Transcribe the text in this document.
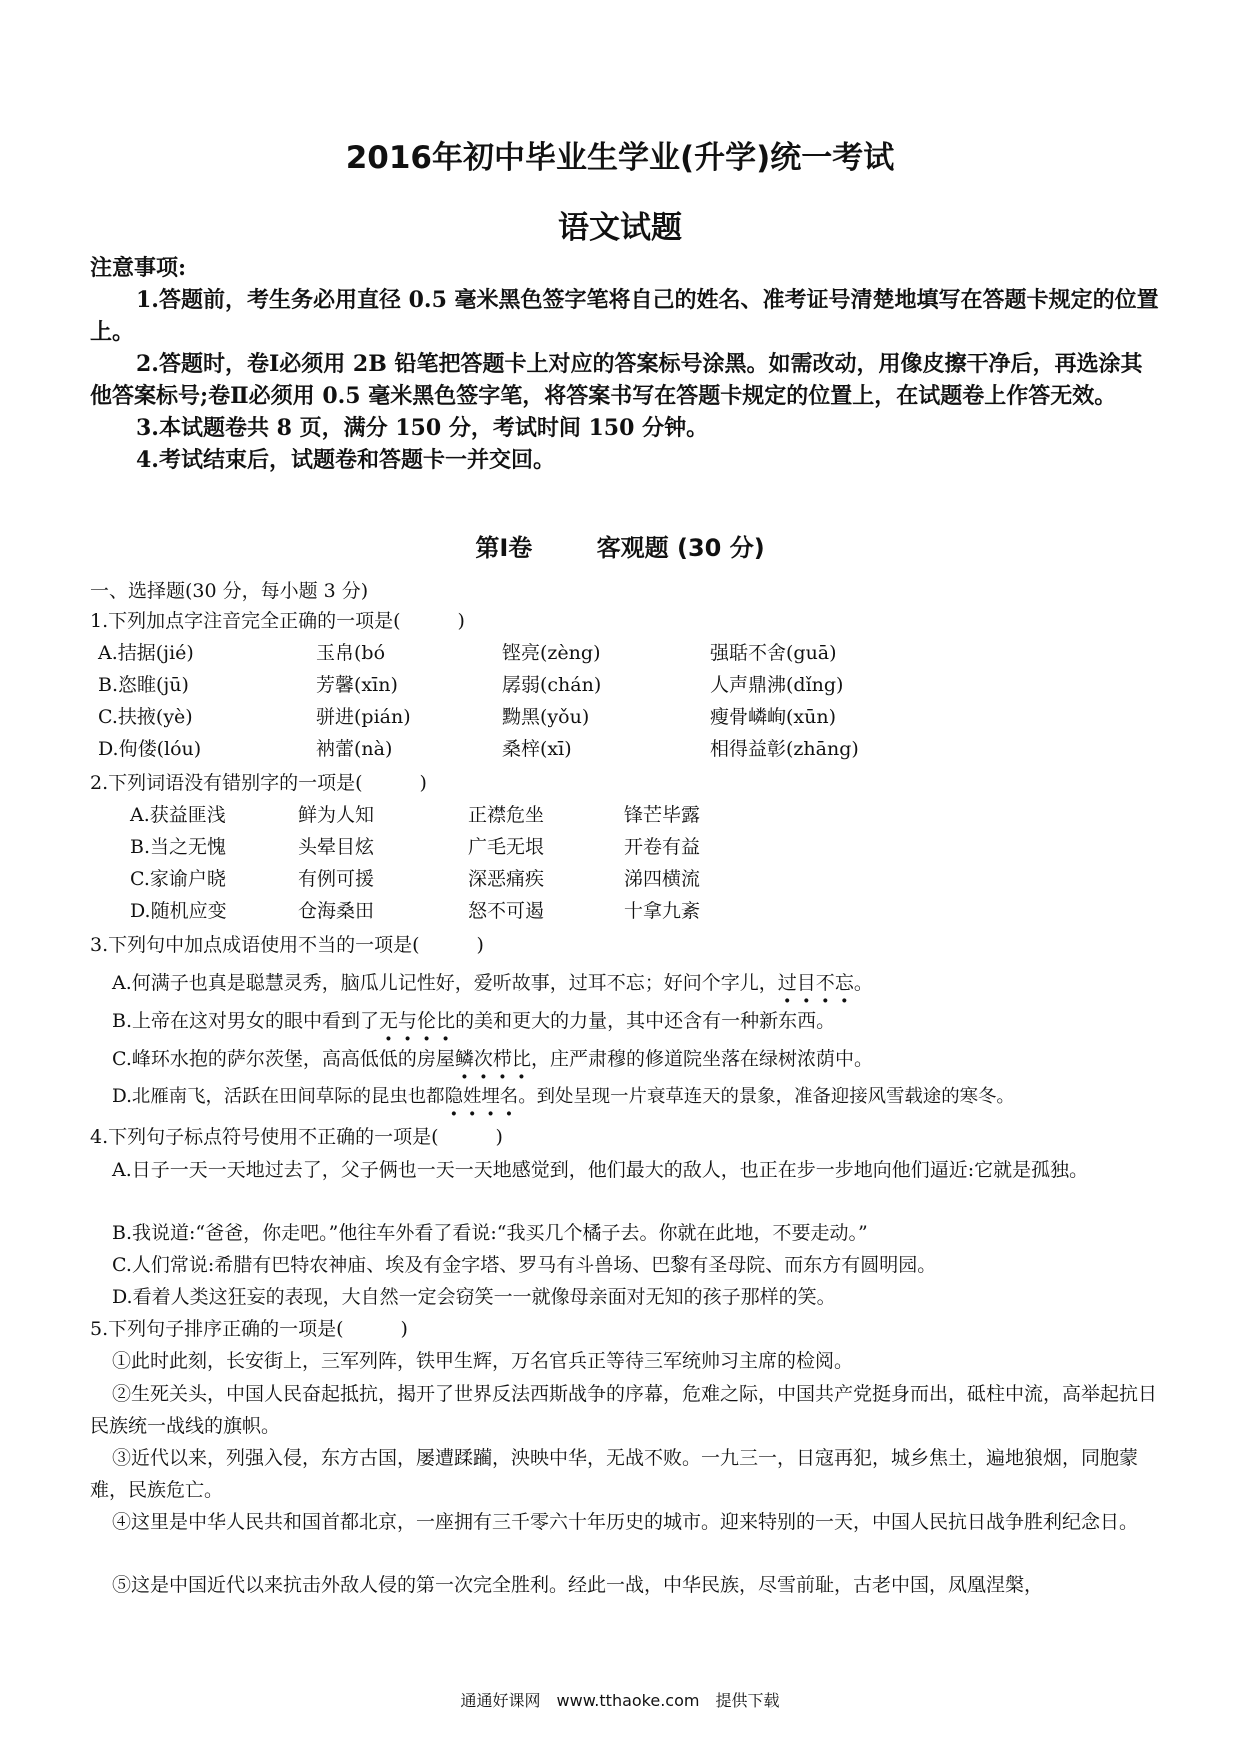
2016年初中毕业生学业(升学)统一考试
语文试题
注意事项:
1.答题前，考生务必用直径 0.5 毫米黑色签字笔将自己的姓名、准考证号清楚地填写在答题卡规定的位置上。
2.答题时，卷Ⅰ必须用 2B 铅笔把答题卡上对应的答案标号涂黑。如需改动，用像皮擦干净后，再选涂其他答案标号;卷Ⅱ必须用 0.5 毫米黑色签字笔，将答案书写在答题卡规定的位置上，在试题卷上作答无效。
3.本试题卷共 8 页，满分 150 分，考试时间 150 分钟。
4.考试结束后，试题卷和答题卡一并交回。
第Ⅰ卷	客观题 (30 分)
一、选择题(30 分，每小题 3 分)
1.下列加点字注音完全正确的一项是(　　　)
A.拮据(jié)	玉帛(bó	铿亮(zèng)	强聒不舍(guā)
B.恣睢(jū)	芳馨(xīn)	孱弱(chán)	人声鼎沸(dǐng)
C.扶掖(yè)	骈进(pián)	黝黑(yǒu)	瘦骨嶙峋(xūn)
D.佝偻(lóu)	衲蕾(nà)	桑梓(xī)	相得益彰(zhāng)
2.下列词语没有错别字的一项是(　　　)
A.获益匪浅	鲜为人知	正襟危坐	锋芒毕露
B.当之无愧	头晕目炫	广毛无垠	开卷有益
C.家谕户晓	有例可援	深恶痛疾	涕四横流
D.随机应变	仓海桑田	怒不可遏	十拿九紊
3.下列句中加点成语使用不当的一项是(　　　)
A.何满子也真是聪慧灵秀，脑瓜儿记性好，爱听故事，过耳不忘；好问个字儿，过目不忘。
B.上帝在这对男女的眼中看到了无与伦比的美和更大的力量，其中还含有一种新东西。
C.峰环水抱的萨尔茨堡，高高低低的房屋鳞次栉比，庄严肃穆的修道院坐落在绿树浓荫中。
D.北雁南飞，活跃在田间草际的昆虫也都隐姓埋名。到处呈现一片衰草连天的景象，准备迎接风雪载途的寒冬。
4.下列句子标点符号使用不正确的一项是(　　　)
A.日子一天一天地过去了，父子俩也一天一天地感觉到，他们最大的敌人，也正在步一步地向他们逼近:它就是孤独。
B.我说道:“爸爸，你走吧。”他往车外看了看说:“我买几个橘子去。你就在此地，不要走动。”
C.人们常说:希腊有巴特农神庙、埃及有金字塔、罗马有斗兽场、巴黎有圣母院、而东方有圆明园。
D.看着人类这狂妄的表现，大自然一定会窃笑一一就像母亲面对无知的孩子那样的笑。
5.下列句子排序正确的一项是(　　　)
①此时此刻，长安街上，三军列阵，铁甲生辉，万名官兵正等待三军统帅习主席的检阅。
②生死关头，中国人民奋起抵抗，揭开了世界反法西斯战争的序幕，危难之际，中国共产党挺身而出，砥柱中流，高举起抗日民族统一战线的旗帜。
③近代以来，列强入侵，东方古国，屡遭蹂躏，泱映中华，无战不败。一九三一，日寇再犯，城乡焦土，遍地狼烟，同胞蒙难，民族危亡。
④这里是中华人民共和国首都北京，一座拥有三千零六十年历史的城市。迎来特别的一天，中国人民抗日战争胜利纪念日。
⑤这是中国近代以来抗击外敌人侵的第一次完全胜利。经此一战，中华民族，尽雪前耻，古老中国，凤凰涅槃，
通通好课网　www.tthaoke.com　提供下载
